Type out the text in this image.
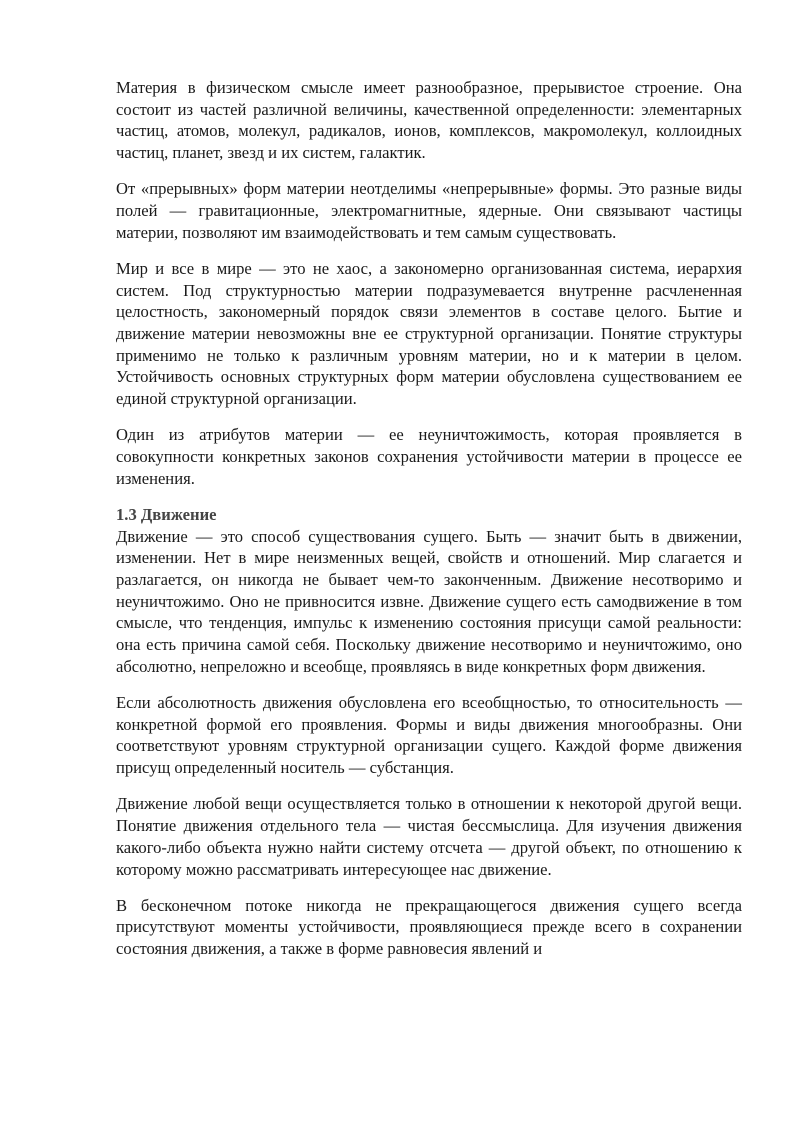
Материя в физическом смысле имеет разнообразное, прерывистое строение. Она состоит из частей различной величины, качественной определенности: элементарных частиц, атомов, молекул, радикалов, ионов, комплексов, макромолекул, коллоидных частиц, планет, звезд и их систем, галактик.

От «прерывных» форм материи неотделимы «непрерывные» формы. Это разные виды полей — гравитационные, электромагнитные, ядерные. Они связывают частицы материи, позволяют им взаимодействовать и тем самым существовать.

Мир и все в мире — это не хаос, а закономерно организованная система, иерархия систем. Под структурностью материи подразумевается внутренне расчлененная целостность, закономерный порядок связи элементов в составе целого. Бытие и движение материи невозможны вне ее структурной организации. Понятие структуры применимо не только к различным уровням материи, но и к материи в целом. Устойчивость основных структурных форм материи обусловлена существованием ее единой структурной организации.

Один из атрибутов материи — ее неуничтожимость, которая проявляется в совокупности конкретных законов сохранения устойчивости материи в процессе ее изменения.

1.3 Движение

Движение — это способ существования сущего. Быть — значит быть в движении, изменении. Нет в мире неизменных вещей, свойств и отношений. Мир слагается и разлагается, он никогда не бывает чем-то законченным. Движение несотворимо и неуничтожимо. Оно не привносится извне. Движение сущего есть самодвижение в том смысле, что тенденция, импульс к изменению состояния присущи самой реальности: она есть причина самой себя. Поскольку движение несотворимо и неуничтожимо, оно абсолютно, непреложно и всеобще, проявляясь в виде конкретных форм движения.

Если абсолютность движения обусловлена его всеобщностью, то относительность — конкретной формой его проявления. Формы и виды движения многообразны. Они соответствуют уровням структурной организации сущего. Каждой форме движения присущ определенный носитель — субстанция.

Движение любой вещи осуществляется только в отношении к некоторой другой вещи. Понятие движения отдельного тела — чистая бессмыслица. Для изучения движения какого-либо объекта нужно найти систему отсчета — другой объект, по отношению к которому можно рассматривать интересующее нас движение.

В бесконечном потоке никогда не прекращающегося движения сущего всегда присутствуют моменты устойчивости, проявляющиеся прежде всего в сохранении состояния движения, а также в форме равновесия явлений и
